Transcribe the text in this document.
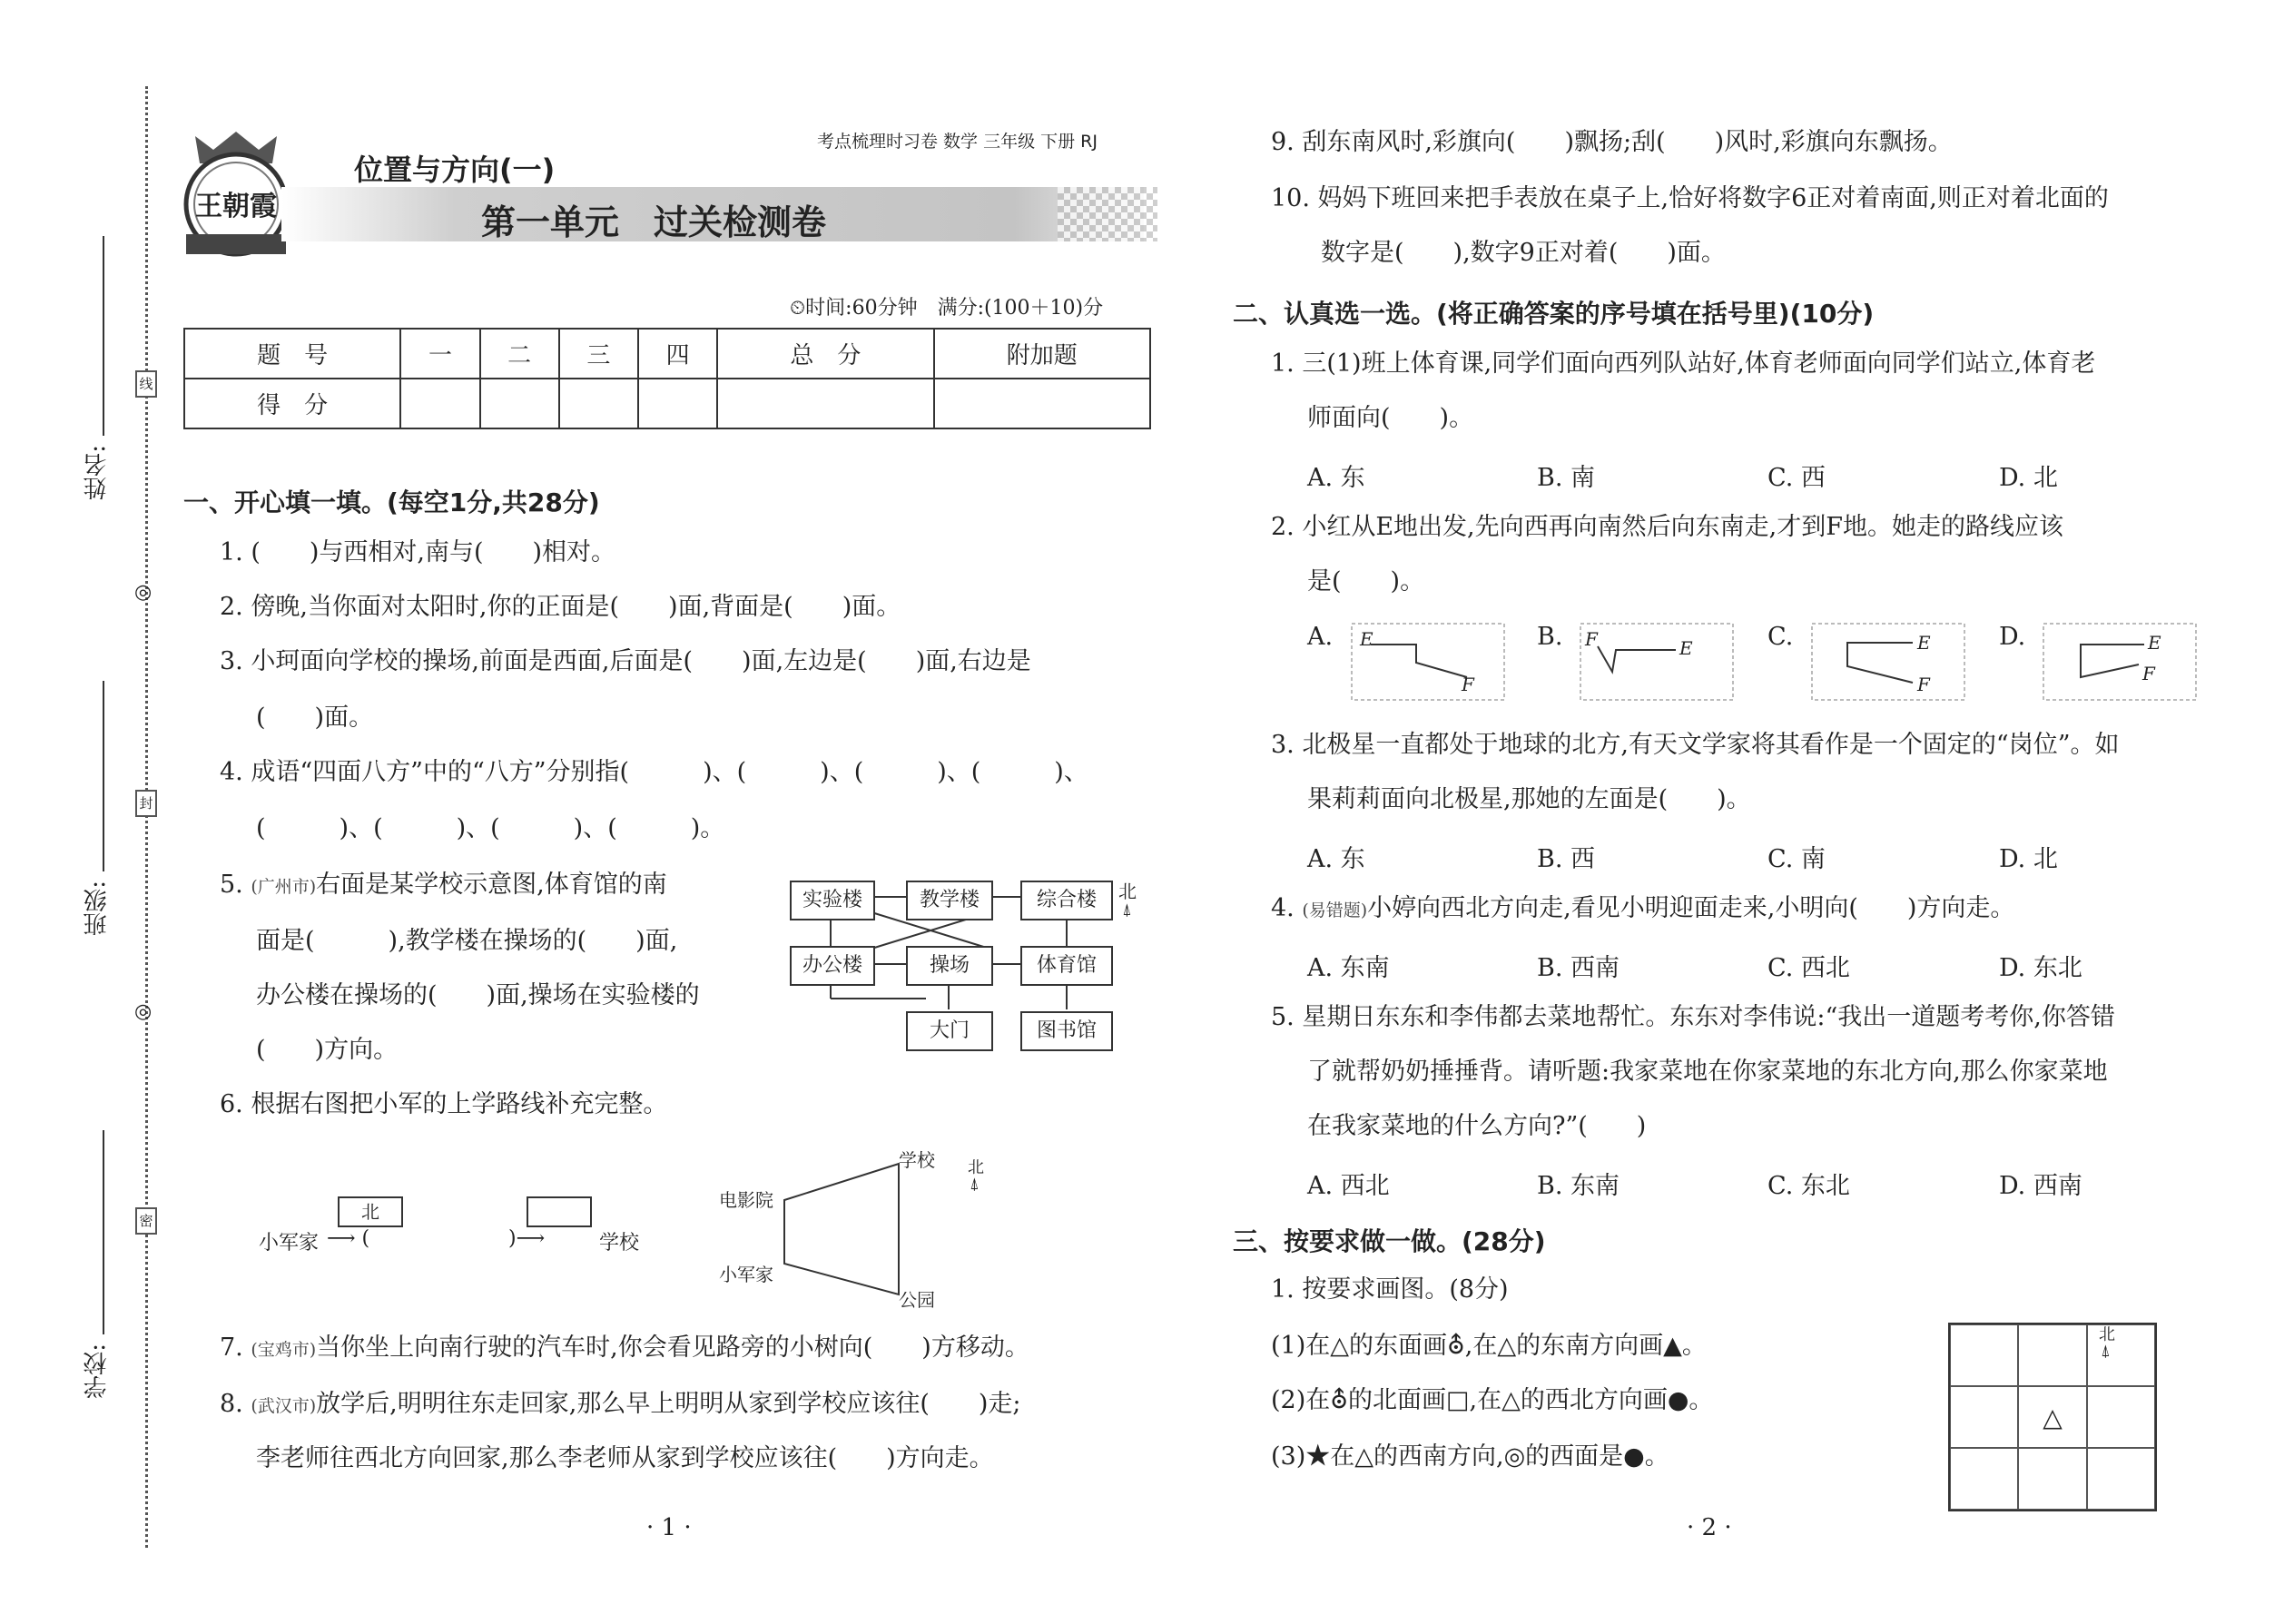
线
封
密
◎
◎
姓名:
班级:
学校:
王朝霞
位置与方向(一)
第一单元　过关检测卷
考点梳理时习卷 数学 三年级 下册 RJ
⏲时间:60分钟　满分:(100＋10)分
题　号	一	二	三	四	总　分	附加题
得　分						
一、开心填一填。(每空1分,共28分)
1. (　　)与西相对,南与(　　)相对。
2. 傍晚,当你面对太阳时,你的正面是(　　)面,背面是(　　)面。
3. 小珂面向学校的操场,前面是西面,后面是(　　)面,左边是(　　)面,右边是
(　　)面。
4. 成语“四面八方”中的“八方”分别指(　　　)、(　　　)、(　　　)、(　　　)、
(　　　)、(　　　)、(　　　)、(　　　)。
5. (广州市)右面是某学校示意图,体育馆的南
面是(　　　),教学楼在操场的(　　)面,
办公楼在操场的(　　)面,操场在实验楼的
(　　)方向。
实验楼	教学楼	综合楼
办公楼	操场	体育馆
大门	图书馆
北
⍋
6. 根据右图把小军的上学路线补充完整。
小军家
北
⟶ (	)⟶	学校
学校
电影院
小军家
公园
北
⍋
7. (宝鸡市)当你坐上向南行驶的汽车时,你会看见路旁的小树向(　　)方移动。
8. (武汉市)放学后,明明往东走回家,那么早上明明从家到学校应该往(　　)走;
李老师往西北方向回家,那么李老师从家到学校应该往(　　)方向走。
· 1 ·
9. 刮东南风时,彩旗向(　　)飘扬;刮(　　)风时,彩旗向东飘扬。
10. 妈妈下班回来把手表放在桌子上,恰好将数字6正对着南面,则正对着北面的
数字是(　　),数字9正对着(　　)面。
二、认真选一选。(将正确答案的序号填在括号里)(10分)
1. 三(1)班上体育课,同学们面向西列队站好,体育老师面向同学们站立,体育老
师面向(　　)。
A. 东	B. 南	C. 西	D. 北
2. 小红从E地出发,先向西再向南然后向东南走,才到F地。她走的路线应该
是(　　)。
A. E
F
B. F	E	C.	E
F
D.	E
F
3. 北极星一直都处于地球的北方,有天文学家将其看作是一个固定的“岗位”。如
果莉莉面向北极星,那她的左面是(　　)。
A. 东	B. 西	C. 南	D. 北
4. (易错题)小婷向西北方向走,看见小明迎面走来,小明向(　　)方向走。
A. 东南	B. 西南	C. 西北	D. 东北
5. 星期日东东和李伟都去菜地帮忙。东东对李伟说:“我出一道题考考你,你答错
了就帮奶奶捶捶背。请听题:我家菜地在你家菜地的东北方向,那么你家菜地
在我家菜地的什么方向?”(　　)
A. 西北	B. 东南	C. 东北	D. 西南
三、按要求做一做。(28分)
1. 按要求画图。(8分)
(1)在△的东面画⛢,在△的东南方向画▲。
(2)在⛢的北面画□,在△的西北方向画●。
(3)★在△的西南方向,◎的西面是●。
△
北
⍋
· 2 ·
